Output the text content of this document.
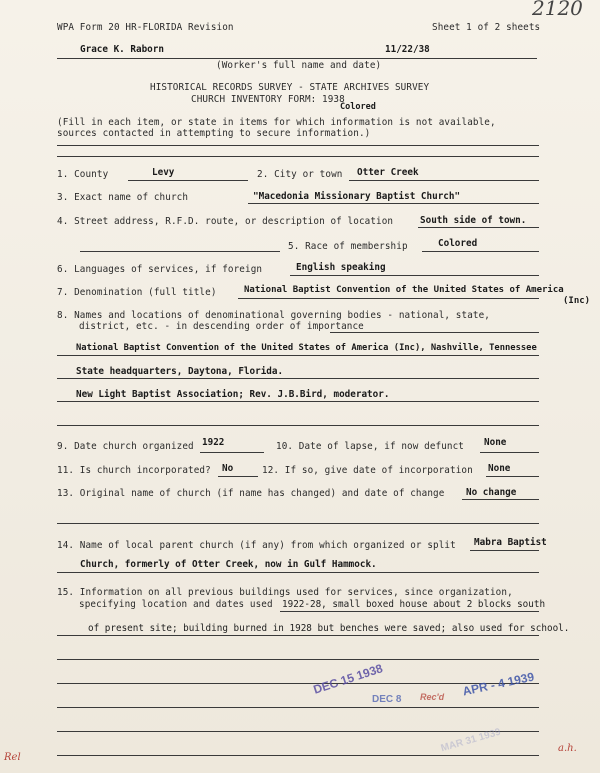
2120
WPA Form 20 HR-FLORIDA Revision	Sheet 1 of 2 sheets
Grace K. Raborn	11/22/38
(Worker's full name and date)
HISTORICAL RECORDS SURVEY - STATE ARCHIVES SURVEY
CHURCH INVENTORY FORM: 1938
Colored
(Fill in each item, or state in items for which information is not available,
sources contacted in attempting to secure information.)
1. County	Levy	2. City or town Otter Creek
3. Exact name of church	"Macedonia Missionary Baptist Church"
4. Street address, R.F.D. route, or description of location	South side of town.
5. Race of membership	Colored
6. Languages of services, if foreign	English speaking
7. Denomination (full title)	National Baptist Convention of the United States of America
(Inc)
8. Names and locations of denominational governing bodies - national, state,
district, etc. - in descending order of importance
National Baptist Convention of the United States of America (Inc), Nashville, Tennessee
State headquarters, Daytona, Florida.
New Light Baptist Association; Rev. J.B.Bird, moderator.
9. Date church organized 1922	10. Date of lapse, if now defunct None
11. Is church incorporated? No	12. If so, give date of incorporation None
13. Original name of church (if name has changed) and date of change No change
14. Name of local parent church (if any) from which organized or split Mabra Baptist
Church, formerly of Otter Creek, now in Gulf Hammock.
15. Information on all previous buildings used for services, since organization,
specifying location and dates used 1922-28, small boxed house about 2 blocks south
of present site; building burned in 1928 but benches were saved; also used for school.
DEC 15 1938
DEC 8 Rec'd APR - 4 1939
MAR 31 1939
Rel
a.h.
